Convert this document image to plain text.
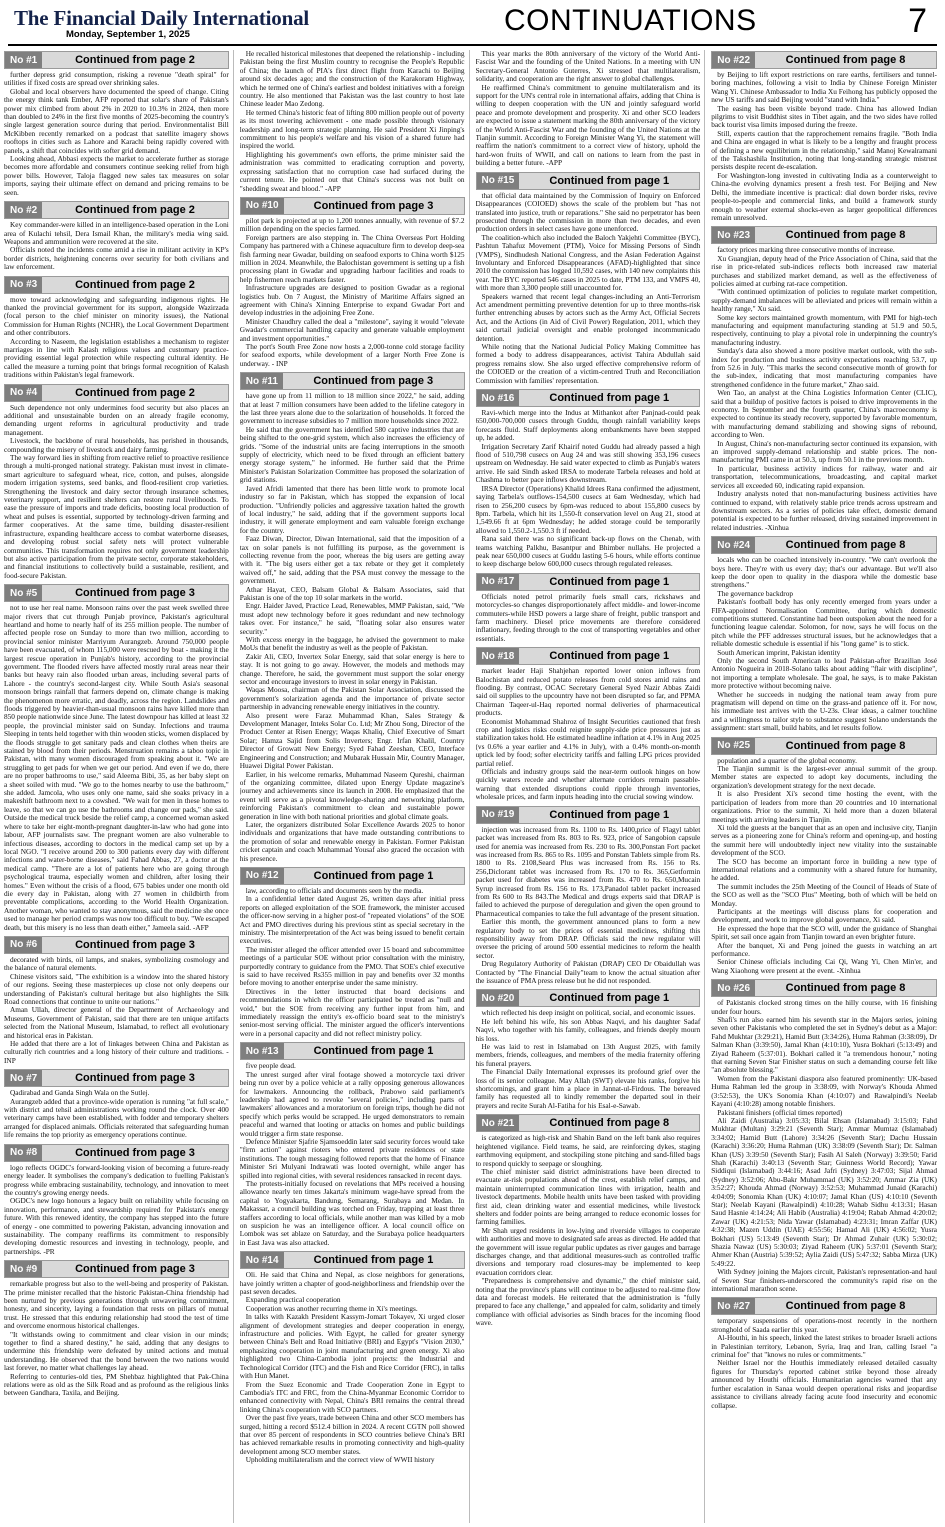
The Financial Daily International
Monday, September 1, 2025	CONTINUATIONS	7
No #1	Continued from page 2

further depress grid consumption, risking a revenue "death spiral" for utilities if fixed costs are spread over shrinking sales.

Global and local observers have documented the speed of change. Citing the energy think tank Ember, AFP reported that solar's share of Pakistan's power mix climbed from about 2% in 2020 to 10.3% in 2024, then more than doubled to 24% in the first five months of 2025-becoming the country's single largest generation source during that period. Environmentalist Bill McKibben recently remarked on a podcast that satellite imagery shows rooftops in cities such as Lahore and Karachi being rapidly covered with panels, a shift that coincides with softer grid demand.

Looking ahead, Abbasi expects the market to accelerate further as storage becomes more affordable and consumers continue seeking relief from high power bills. However, Taloja flagged new sales tax measures on solar imports, saying their ultimate effect on demand and pricing remains to be seen.

No #2	Continued from page 2

Key commander-were killed in an intelligence-based operation in the Loni area of Kulachi tehsil, Dera Ismail Khan, the military's media wing said. Weapons and ammunition were recovered at the site.

Officials noted the incidents come amid a rise in militant activity in KP's border districts, heightening concerns over security for both civilians and law enforcement.

No #3	Continued from page 2

move toward acknowledging and safeguarding indigenous rights. He thanked the provincial government for its support, alongside Wazirzada (focal person to the chief minister on minority issues), the National Commission for Human Rights (NCHR), the Local Government Department and other contributors.

According to Naseem, the legislation establishes a mechanism to register marriages in line with Kalash religious values and customary practice-providing essential legal protection while respecting cultural identity. He called the measure a turning point that brings formal recognition of Kalash traditions within Pakistan's legal framework.

No #4	Continued from page 2

Such dependence not only undermines food security but also places an additional and unsustainable burden on an already fragile economy, demanding urgent reforms in agricultural productivity and trade management.

Livestock, the backbone of rural households, has perished in thousands, compounding the misery of livestock and dairy farming.

The way forward lies in shifting from reactive relief to proactive resilience through a multi-pronged national strategy. Pakistan must invest in climate-smart agriculture to safeguard wheat, rice, cotton, and pulses, alongside modern irrigation systems, seed banks, and flood-resilient crop varieties. Strengthening the livestock and dairy sector through insurance schemes, veterinary support, and resilient shelters can restore rural livelihoods. To ease the pressure of imports and trade deficits, boosting local production of wheat and pulses is essential, supported by technology-driven farming and farmer cooperatives. At the same time, building disaster-resilient infrastructure, expanding healthcare access to combat waterborne diseases, and developing robust social safety nets will protect vulnerable communities. This transformation requires not only government leadership but also active participation from the private sector, corporate stakeholders, and financial institutions to collectively build a sustainable, resilient, and food-secure Pakistan.

No #5	Continued from page 3

not to use her real name. Monsoon rains over the past week swelled three major rivers that cut through Punjab province, Pakistan's agricultural heartland and home to nearly half of its 255 million people. The number of affected people rose on Sunday to more than two million, according to provincial senior minister Marriyum Aurangzeb. Around 750,000 people have been evacuated, of whom 115,000 were rescued by boat - making it the largest rescue operation in Punjab's history, according to the provincial government. The flooded rivers have affected mostly rural areas near their banks but heavy rain also flooded urban areas, including several parts of Lahore - the country's second-largest city. While South Asia's seasonal monsoon brings rainfall that farmers depend on, climate change is making the phenomenon more erratic, and deadly, across the region. Landslides and floods triggered by heavier-than-usual monsoon rains have killed more than 850 people nationwide since June. The latest downpour has killed at least 32 people, the provincial minister said on Sunday. Infections and trauma Sleeping in tents held together with thin wooden sticks, women displaced by the floods struggle to get sanitary pads and clean clothes when theirs are stained by blood from their periods. Menstruation remains a taboo topic in Pakistan, with many women discouraged from speaking about it. "We are struggling to get pads for when we get our period. And even if we do, there are no proper bathrooms to use," said Aleema Bibi, 35, as her baby slept on a sheet soiled with mud. "We go to the homes nearby to use the bathroom," she added. Jamcola, who uses only one name, said she soaks privacy in a makeshift bathroom next to a cowshed. "We wait for men in these homes to leave, so that we can go use the bathrooms and change our pads," she said. Outside the medical truck beside the relief camp, a concerned woman asked where to take her eight-month-pregnant daughter-in-law who had gone into labour, AFP journalists saw. The pregnant women are also vulnerable to infectious diseases, according to doctors in the medical camp set up by a local NGO. "I receive around 200 to 300 patients every day with different infections and water-borne diseases," said Fahad Abbas, 27, a doctor at the medical camp. "There are a lot of patients here who are going through psychological trauma, especially women and children, after losing their homes." Even without the crisis of a flood, 675 babies under one month old die every day in Pakistan, along with 27 women in childbirth from preventable complications, according to the World Health Organization. Another woman, who wanted to stay anonymous, said the medicine she once used to manage her period cramps was now too difficult to buy. "We escaped death, but this misery is no less than death either," Jameela said. -AFP

No #6	Continued from page 3

decorated with birds, oil lamps, and snakes, symbolizing cosmology and the balance of natural elements.

Chinese visitors said, "The exhibition is a window into the shared history of our regions. Seeing these masterpieces up close not only deepens our understanding of Pakistan's cultural heritage but also highlights the Silk Road connections that continue to unite our nations."

Aman Ullah, director general of the Department of Archaeology and Museums, Government of Pakistan, said that there are ten unique artifacts selected from the National Museum, Islamabad, to reflect all evolutionary and historical eras in Pakistan.

He added that there are a lot of linkages between China and Pakistan as culturally rich countries and a long history of their culture and traditions. - INP

No #7	Continued from page 3

Qadirabad and Ganda Singh Wala on the Sutlej.

Aurangzeb added that a province-wide operation is running "at full scale," with district and tehsil administrations working round the clock. Over 400 veterinary camps have been established, with fodder and temporary shelters arranged for displaced animals. Officials reiterated that safeguarding human life remains the top priority as emergency operations continue.

No #8	Continued from page 3

logo reflects OGDC's forward-looking vision of becoming a future-ready energy leader. It symbolises the company's dedication to fuelling Pakistan's progress while embracing sustainability, technology, and innovation to meet the country's growing energy needs.

OGDC's new logo honours a legacy built on reliability while focusing on innovation, performance, and stewardship required for Pakistan's energy future. With this renewed identity, the company has stepped into the future of energy - one committed to powering Pakistan, advancing innovation and sustainability. The company reaffirms its commitment to responsibly developing domestic resources and investing in technology, people, and partnerships. -PR

No #9	Continued from page 3

remarkable progress but also to the well-being and prosperity of Pakistan. The prime minister recalled that the historic Pakistan-China friendship had been nurtured by previous generations through unwavering commitment, honesty, and sincerity, laying a foundation that rests on pillars of mutual trust. He stressed that this enduring relationship had stood the test of time and overcome enormous historical challenges.

"It withstands owing to commitment and clear vision in our minds; together to find a shared destiny," he said, adding that any designs to undermine this friendship were defeated by united actions and mutual understanding. He observed that the bond between the two nations would last forever, no matter what challenges lay ahead.

Referring to centuries-old ties, PM Shehbaz highlighted that Pak-China relations were as old as the Silk Road and as profound as the religious links between Gandhara, Taxila, and Beijing.

He recalled historical milestones that deepened the relationship - including Pakistan being the first Muslim country to recognise the People's Republic of China; the launch of PIA's first direct flight from Karachi to Beijing around six decades ago; and the construction of the Karakoram Highway, which he termed one of China's earliest and boldest initiatives with a foreign country. He also mentioned that Pakistan was the last country to host late Chinese leader Mao Zedong.

He termed China's historic feat of lifting 800 million people out of poverty as its most towering achievement - one made possible through visionary leadership and long-term strategic planning. He said President Xi Jinping's commitment to his people's welfare and his vision of a shared future had inspired the world.

Highlighting his government's own efforts, the prime minister said the administration was committed to eradicating corruption and poverty, expressing satisfaction that no corruption case had surfaced during the current tenure. He pointed out that China's success was not built on "shedding sweat and blood." -APP

No #10	Continued from page 3

pilot park is projected at up to 1,200 tonnes annually, with revenue of $7.2 million depending on the species farmed.

Foreign partners are also stepping in. The China Overseas Port Holding Company has partnered with a Chinese aquaculture firm to develop deep-sea fish farming near Gwadar, building on seafood exports to China worth $125 million in 2024. Meanwhile, the Balochistan government is setting up a fish processing plant in Gwadar and upgrading harbour facilities and roads to help fishermen reach markets faster.

Infrastructure upgrades are designed to position Gwadar as a regional logistics hub. On 7 August, the Ministry of Maritime Affairs signed an agreement with China's Xinning Enterprise to expand Gwadar Port and develop industries in the adjoining Free Zone.

Minister Chaudhry called the deal a "milestone", saying it would "elevate Gwadar's commercial handling capacity and generate valuable employment and investment opportunities."

The port's South Free Zone now hosts a 2,000-tonne cold storage facility for seafood exports, while development of a larger North Free Zone is underway. - INP

No #11	Continued from page 3

have gone up from 11 million to 18 million since 2022," he said, adding that at least 7 million consumers have been added to the lifeline category in the last three years alone due to the solarization of households. It forced the government to increase subsidies to 7 million more households since 2022.

He said that the government has identified 580 captive industries that are being shifted to the one-grid system, which also increases the efficiency of grids. "Some of the industrial units are facing interruptions in the smooth supply of electricity, which need to be fixed through an efficient battery energy storage system," he informed. He further said that the Prime Minister's Pakistan Solarization Committee has proposed the solarization of grid stations.

Javed Afridi lamented that there has been little work to promote local industry so far in Pakistan, which has stopped the expansion of local production. "Unfriendly policies and aggressive taxation halted the growth of local industry," he said, adding that if the government supports local industry, it will generate employment and earn valuable foreign exchange for the country.

Faaz Diwan, Director, Diwan International, said that the imposition of a tax on solar panels is not fulfilling its purpose, as the government is collecting revenue from the poor, whereas the big users are getting away with it. "The big users either get a tax rebate or they get it completely waived off," he said, adding that the PSA must convey the message to the government.

Athar Hayat, CEO, Balsam Global & Balsam Associates, said that Pakistan is one of the top 10 solar markets in the world.

Engr. Haider Javed, Practice Lead, Renewables, MMP Pakistan, said, "We must adopt new technology before it goes redundant and new technology takes over. For instance," he said, "floating solar also ensures water security."

With excess energy in the baggage, he advised the government to make MoUs that benefit the industry as well as the people of Pakistan.

Zakir Ali, CEO, Invertex Solar Energy, said that solar energy is here to stay. It is not going to go away. However, the models and methods may change. Therefore, he said, the government must support the solar energy sector and encourage investors to invest in solar energy in Pakistan.

Waqas Moosa, chairman of the Pakistan Solar Association, discussed the government's solarization agenda and the importance of private sector partnership in advancing renewable energy initiatives in the country.

Also present were Faraz Muhammad Khan, Sales Strategy & Development Manager, Inteks Solar Co. Ltd; Mr Zhou Song, Director of the Product Center at Risen Energy; Waqas Khaliq, Chief Executive of Smart Solar; Hamza Sajid from Solis Inverters; Engr. Irfan Khalil, Country Director of Growatt New Energy; Syed Fahad Zeeshan, CEO, Interface Engineering and Construction; and Mubarak Hussain Mir, Country Manager, Huawei Digital Power Pakistan.

Earlier, in his welcome remarks, Muhammad Naseem Qureshi, chairman of the organizing committee, dilated upon Energy Update magazine's journey and achievements since its launch in 2008. He emphasized that the event will serve as a pivotal knowledge-sharing and networking platform, reinforcing Pakistan's commitment to clean and sustainable power generation in line with both national priorities and global climate goals.

Later, the organizers distributed Solar Excellence Awards 2025 to honor individuals and organizations that have made outstanding contributions to the promotion of solar and renewable energy in Pakistan. Former Pakistan cricket captain and coach Muhammad Yousaf also graced the occasion with his presence.

No #12	Continued from page 1

law, according to officials and documents seen by the media.

In a confidential letter dated August 26, written days after initial press reports on alleged exploitation of the SOE framework, the minister accused the officer-now serving in a higher post-of "repeated violations" of the SOE Act and PMO directives during his previous stint as special secretary in the ministry. The misinterpretation of the Act was being issued to benefit certain executives.

The minister alleged the officer attended over 15 board and subcommittee meetings of a particular SOE without prior consultation with the ministry, purportedly contrary to guidance from the PMO. That SOE's chief executive is said to have received Rs355 million in pay and benefits over 32 months before moving to another enterprise under the same ministry.

Directives in the letter instructed that board decisions and recommendations in which the officer participated be treated as "null and void," but the SOE from receiving any further input from him, and immediately reassign the entity's ex-officio board seat to the ministry's senior-most serving official. The minister argued the officer's interventions were in a personal capacity and did not reflect ministry policy.

No #13	Continued from page 1

five people dead.

The unrest surged after viral footage showed a motorcycle taxi driver being run over by a police vehicle at a rally opposing generous allowances for lawmakers. Announcing the rollback, Prabowo said parliament's leadership had agreed to revoke "several policies," including parts of lawmakers' allowances and a moratorium on foreign trips, though he did not specify which perks would be scrapped. He urged demonstrators to remain peaceful and warned that looting or attacks on homes and public buildings would trigger a firm state response.

Defence Minister Sjafrie Sjamsoeddin later said security forces would take "firm action" against rioters who entered private residences or state institutions. The tough messaging followed reports that the home of Finance Minister Sri Mulyani Indrawati was looted overnight, while anger has spilled into regional cities, with several residences ransacked in recent days.

The protests-initially focused on revelations that MPs received a housing allowance nearly ten times Jakarta's minimum wage-have spread from the capital to Yogyakarta, Bandung, Semarang, Surabaya and Medan. In Makassar, a council building was torched on Friday, trapping at least three staffers according to local officials, while another man was killed by a mob on suspicion he was an intelligence officer. A local council office on Lombok was set ablaze on Saturday, and the Surabaya police headquarters in East Java was also attacked.

No #14	Continued from page 1

Oli. He said that China and Nepal, as close neighbors for generations, have jointly written a chapter of good-neighborliness and friendship over the past seven decades.

Expanding practical cooperation

Cooperation was another recurring theme in Xi's meetings.

In talks with Kazakh President Kassym-Jomart Tokayev, Xi urged closer alignment of development strategies and deeper cooperation in energy, infrastructure and policies. With Egypt, he called for greater synergy between China's Belt and Road Initiative (BRI) and Egypt's "Vision 2030," emphasizing cooperation in joint manufacturing and green energy. Xi also highlighted two China-Cambodia joint projects: the Industrial and Technological Corridor (ITC) and the Fish and Rice Corridor (FRC), in talks with Hun Manet.

From the Suez Economic and Trade Cooperation Zone in Egypt to Cambodia's ITC and FRC, from the China-Myanmar Economic Corridor to enhanced connectivity with Nepal, China's BRI remains the central thread linking China's cooperation with SCO partners.

Over the past five years, trade between China and other SCO members has surged, hitting a record $512.4 billion in 2024. A recent CGTN poll showed that over 85 percent of respondents in SCO countries believe China's BRI has achieved remarkable results in promoting connectivity and high-quality development among SCO member states.

Upholding multilateralism and the correct view of WWII history

This year marks the 80th anniversary of the victory of the World Anti-Fascist War and the founding of the United Nations. In a meeting with UN Secretary-General Antonio Guterres, Xi stressed that multilateralism, solidarity, and cooperation are the right answer to global challenges.

He reaffirmed China's commitment to genuine multilateralism and its support for the UN's central role in international affairs, adding that China is willing to deepen cooperation with the UN and jointly safeguard world peace and promote development and prosperity. Xi and other SCO leaders are expected to issue a statement marking the 80th anniversary of the victory of the World Anti-Fascist War and the founding of the United Nations at the Tianjin summit. According to Foreign Minister Wang Yi, the statement will reaffirm the nation's commitment to a correct view of history, uphold the hard-won fruits of WWII, and call on nations to learn from the past in building a better future. -APP

No #15	Continued from page 1

that official data maintained by the Commission of Inquiry on Enforced Disappearances (COIOED) shows the scale of the problem but "has not translated into justice, truth or reparations." She said no perpetrator has been prosecuted through the commission in more than two decades, and even production orders in select cases have gone unenforced.

The coalition-which also included the Baloch Yakjehti Committee (BYC), Pashtun Tahafuz Movement (PTM), Voice for Missing Persons of Sindh (VMPS), Sindhudesh National Congress, and the Asian Federation Against Involuntary and Enforced Disappearances (AFAD)-highlighted that since 2010 the commission has logged 10,592 cases, with 140 new complaints this year. The BYC reported 546 cases in 2025 to date, PTM 133, and VMPS 40, with more than 3,300 people still unaccounted for.

Speakers warned that recent legal changes-including an Anti-Terrorism Act amendment permitting preventive detention for up to three months-risk further entrenching abuses by actors such as the Army Act, Official Secrets Act, and the Actions (in Aid of Civil Power) Regulation, 2011, which they said curtail judicial oversight and enable prolonged incommunicado detention.

While noting that the National Judicial Policy Making Committee has formed a body to address disappearances, activist Tahira Abdullah said progress remains slow. She also urged effective comprehensive reform of the COIOED or the creation of a victim-centred Truth and Reconciliation Commission with families' representation.

No #16	Continued from page 1

Ravi-which merge into the Indus at Mithankot after Panjnad-could peak 650,000-700,000 cusecs through Guddu, though rainfall variability keeps forecasts fluid. Staff deployments along embankments have been stepped up, he added.

Irrigation Secretary Zarif Khairif noted Guddu had already passed a high flood of 510,798 cusecs on Aug 24 and was still showing 353,196 cusecs upstream on Wednesday. He said water expected to climb as Punjab's waters arrive. He said Sindh asked IRSA to moderate Tarbela releases and hold at Chashma to better pace inflows downstream.

IRSA Director (Operations) Khalid Idrees Rana confirmed the adjustment, saying Tarbela's outflows-154,500 cusecs at 6am Wednesday, which had risen to 256,200 cusecs by 6pm-was reduced to about 155,800 cusecs by 8pm. Tarbela, which hit its 1,550-ft conservation level on Aug 21, stood at 1,549.66 ft at 6pm Wednesday; he added storage could be temporarily allowed to 1,550.2-1,550.3 ft if needed.

Rana said there was no significant back-up flows on the Chenab, with teams watching Palkhu, Basantpur and Bhimber nullahs. He projected a peak near 650,000 cusecs at Guddu lasting 5-6 hours, while efforts continue to keep discharge below 600,000 cusecs through regulated releases.

No #17	Continued from page 1

Officials noted petrol primarily fuels small cars, rickshaws and motorcycles-so changes disproportionately affect middle- and lower-income commuters-while HSD powers a large share of freight, public transport and farm machinery. Diesel price movements are therefore considered inflationary, feeding through to the cost of transporting vegetables and other essentials.

No #18	Continued from page 1

market leader Haji Shahjehan reported lower onion inflows from Balochistan and reduced potato releases from cold stores amid rains and flooding. By contrast, OCAC Secretary General Syed Nazir Abbas Zaidi said oil supplies to the upcountry have not been disrupted so far, and PPMA Chairman Taqeer-ul-Haq reported normal deliveries of pharmaceutical products.

Economist Mohammad Shahroz of Insight Securities cautioned that fresh crop and logistics risks could reignite supply-side price pressures just as stabilization takes hold. He estimated headline inflation at 4.1% in Aug 2025 (vs 0.6% a year earlier and 4.1% in July), with a 0.4% month-on-month uptick led by food; softer electricity tariffs and falling LPG prices provided partial relief.

Officials and industry groups said the near-term outlook hinges on how quickly waters recede and whether alternate corridors remain passable-warning that extended disruptions could ripple through inventories, wholesale prices, and farm inputs heading into the crucial sowing window.

No #19	Continued from page 1

injection was increased from Rs. 1100 to Rs. 1400,price of Flagyl tablet packet was increased from Rs. 803 to Rs. 923, price of Sangobion capsule used for anemia was increased from Rs. 230 to Rs. 300,Ponstan Fort packet was increased from Rs. 865 to Rs. 1095 and Ponstan Tablets simple from Rs. 1800 to Rs. 2108,Seard Plus was increased from Rs. 156 to Rs. 256,Diclorant tablet was increased from Rs. 170 to Rs. 365,Getformin packet used for diabetes was increased from Rs. 470 to Rs. 650,Mucain Syrup increased from Rs. 156 to Rs. 173,Panadol tablet packet increased from Rs 600 to Rs 843.The Medical and drugs experts said that DRAP is failed to achieved the purpose of deregulation and given the open ground to Pharmaceutical companies to take the full advantage of the present situation.

Earlier this month, the government announced plans to form a new regulatory body to set the prices of essential medicines, shifting this responsibility away from DRAP. Officials said the new regulator will oversee the pricing of around 500 essential medicines to reform the health sector.

Drug Regulatory Authority of Pakistan (DRAP) CEO Dr Obaidullah was Contacted by "The Financial Daily"team to know the actual situation after the issuance of PMA press release but he did not responded.

No #20	Continued from page 1

which reflected his deep insight on political, social, and economic issues.

He left behind his wife, his son Abbas Naqvi, and his daughter Sadaf Naqvi, who together with his family, colleagues, and friends deeply mourn his loss.

He was laid to rest in Islamabad on 13th August 2025, with family members, friends, colleagues, and members of the media fraternity offering his funeral prayers.

The Financial Daily International expresses its profound grief over the loss of its senior colleague. May Allah (SWT) elevate his ranks, forgive his shortcomings, and grant him a place in Jannat-ul-Firdous. The bereaved family has requested all to kindly remember the departed soul in their prayers and recite Surah Al-Fatiha for his Esal-e-Sawab.

No #21	Continued from page 8

is categorized as high-risk and Shahin Band on the left bank also requires heightened vigilance. Field teams, he said, are reinforcing dykes, staging earthmoving equipment, and stockpiling stone pitching and sand-filled bags to respond quickly to seepage or sloughing.

The chief minister said district administrations have been directed to evacuate at-risk populations ahead of the crest, establish relief camps, and maintain uninterrupted communication lines with irrigation, health and livestock departments. Mobile health units have been tasked with providing first aid, clean drinking water and essential medicines, while livestock shelters and fodder points are being arranged to reduce economic losses for farming families.

Mr Shah urged residents in low-lying and riverside villages to cooperate with authorities and move to designated safe areas as directed. He added that the government will issue regular public updates as river gauges and barrage discharges change, and that additional measures-such as controlled traffic diversions and temporary road closures-may be implemented to keep evacuation corridors clear.

"Preparedness is comprehensive and dynamic," the chief minister said, noting that the province's plans will continue to be adjusted to real-time flow data and forecast models. He reiterated that the administration is "fully prepared to face any challenge," and appealed for calm, solidarity and timely compliance with official advisories as Sindh braces for the incoming flood wave.

No #22	Continued from page 8

by Beijing to lift export restrictions on rare earths, fertilisers and tunnel-boring machines, following a visit to India by Chinese Foreign Minister Wang Yi. Chinese Ambassador to India Xu Feihong has publicly opposed the new US tariffs and said Beijing would "stand with India."

The easing has been visible beyond trade. China has allowed Indian pilgrims to visit Buddhist sites in Tibet again, and the two sides have rolled back tourist visa limits imposed during the freeze.

Still, experts caution that the rapprochement remains fragile. "Both India and China are engaged in what is likely to be a lengthy and fraught process of defining a new equilibrium in the relationship," said Manoj Kewalramani of the Takshashila Institution, noting that long-standing strategic mistrust persists despite recent de-escalation.

For Washington-long invested in cultivating India as a counterweight to China-the evolving dynamics present a fresh test. For Beijing and New Delhi, the immediate incentive is practical: dial down border risks, revive people-to-people and commercial links, and build a framework sturdy enough to weather external shocks-even as larger geopolitical differences remain unresolved.

No #23	Continued from page 8

factory prices marking three consecutive months of increase.

Xu Guangjian, deputy head of the Price Association of China, said that the rise in price-related sub-indices reflects both increased raw material purchases and stabilized market demand, as well as the effectiveness of policies aimed at curbing rat-race competition.

"With continued optimization of policies to regulate market competition, supply-demand imbalances will be alleviated and prices will remain within a healthy range," Xu said.

Some key sectors maintained growth momentum, with PMI for high-tech manufacturing and equipment manufacturing standing at 51.9 and 50.5, respectively, continuing to play a pivotal role in underpinning the country's manufacturing industry.

Sunday's data also showed a more positive market outlook, with the sub-index for production and business activity expectations reaching 53.7, up from 52.6 in July. "This marks the second consecutive month of growth for the sub-index, indicating that most manufacturing companies have strengthened confidence in the future market," Zhao said.

Wen Tao, an analyst at the China Logistics Information Center (CLIC), said that a buildup of positive factors is poised to drive improvements in the economy. In September and the fourth quarter, China's macroeconomy is expected to continue its steady recovery, supported by favorable momentum, with manufacturing demand stabilizing and showing signs of rebound, according to Wen.

In August, China's non-manufacturing sector continued its expansion, with an improved supply-demand relationship and stable prices. The non-manufacturing PMI came in at 50.3, up from 50.1 in the previous month.

In particular, business activity indices for railway, water and air transportation, telecommunications, broadcasting, and capital market services all exceeded 60, indicating rapid expansion.

Industry analysts noted that non-manufacturing business activities have continued to expand, with relatively stable price trends across upstream and downstream sectors. As a series of policies take effect, domestic demand potential is expected to be further released, driving sustained improvement in related industries. -Xinhua

No #24	Continued from page 8

locals who can be coached intensively in-country. "We can't overlook the boys here. They're with us every day; that's our advantage. But we'll also keep the door open to quality in the diaspora while the domestic base strengthens."

The governance backdrop

Pakistan's football body has only recently emerged from years under a FIFA-appointed Normalisation Committee, during which domestic competitions stuttered. Constantine had been outspoken about the need for a functioning league calendar. Solomon, for now, says he will focus on the pitch while the PFF addresses structural issues, but he acknowledges that a reliable domestic schedule is essential if his "long game" is to stick.

South American imprint, Pakistan identity

Only the second South American to lead Pakistan-after Brazilian José Antonio Nogueira in 2018-Solano talks about adding "flair with discipline", not importing a template wholesale. The goal, he says, is to make Pakistan more protective without becoming naive.

Whether he succeeds in nudging the national team away from pure pragmatism will depend on time on the grass-and patience off it. For now, his immediate test arrives with the U-23s. Clear ideas, a calmer touchline and a willingness to tailor style to substance suggest Solano understands the assignment: start small, build habits, and let results follow.

No #25	Continued from page 8

population and a quarter of the global economy.

The Tianjin summit is the largest-ever annual summit of the group. Member states are expected to adopt key documents, including the organization's development strategy for the next decade.

It is also President Xi's second time hosting the event, with the participation of leaders from more than 20 countries and 10 international organizations. Prior to the summit, Xi held more than a dozen bilateral meetings with arriving leaders in Tianjin.

Xi told the guests at the banquet that as an open and inclusive city, Tianjin serves as a pioneering zone for China's reform and opening-up, and hosting the summit here will undoubtedly inject new vitality into the sustainable development of the SCO.

The SCO has become an important force in building a new type of international relations and a community with a shared future for humanity, he added.

The summit includes the 25th Meeting of the Council of Heads of State of the SCO as well as the "SCO Plus" Meeting, both of which will be held on Monday.

Participants at the meetings will discuss plans for cooperation and development, and work to improve global governance, Xi said.

He expressed the hope that the SCO will, under the guidance of Shanghai Spirit, set sail once again from Tianjin toward an even brighter future.

After the banquet, Xi and Peng joined the guests in watching an art performance.

Senior Chinese officials including Cai Qi, Wang Yi, Chen Min'er, and Wang Xiaohong were present at the event. -Xinhua

No #26	Continued from page 8

of Pakistanis clocked strong times on the hilly course, with 16 finishing under four hours.

Shafi's run also earned him his seventh star in the Majors series, joining seven other Pakistanis who completed the set in Sydney's debut as a Major: Fahd Mukhtar (3:29:21), Hamid Butt (3:34:26), Huma Rahman (3:38:09), Dr Salman Khan (3:39:50), Jamal Khan (4:10:10), Yusra Bokhari (5:13:49) and Ziyad Raheem (5:37:01). Bokhari called it "a tremendous honour," noting that earning Seven Star Finisher status on such a demanding course felt like "an absolute blessing."

Women from the Pakistani diaspora also featured prominently: UK-based Huma Rahman led the group in 3:38:09, with Norway's Khouda Ahmed (3:52:53), the UK's Sonomia Khan (4:10:07) and Rawalpindi's Neelab Kayani (4:10:28) among notable finishers.

Pakistani finishers (official times reported)

Ali Zaidi (Australia) 3:05:33; Bilal Ehsan (Islamabad) 3:15:03; Fahd Mukhtar (Multan) 3:29:21 (Seventh Star); Ammar Mumtaz (Islamabad) 3:34:02; Hamid Butt (Lahore) 3:34:26 (Seventh Star); Dachu Hussain (Karachi) 3:36:20; Huma Rahman (UK) 3:38:09 (Seventh Star); Dr. Salman Khan (US) 3:39:50 (Seventh Star); Fasih Al Saleh (Norway) 3:39:50; Farid Shah (Karachi) 3:40:13 (Seventh Star; Guinness World Record); Yawar Siddiqui (Islamabad) 3:44:16; Asad Jafri (Sydney) 3:47:03; Sijal Ahmad (Sydney) 3:52:06; Abu-Bakr Muhammad (UK) 3:52:20; Ammar Zia (UK) 3:52:27; Khouda Ahmad (Norway) 3:52:53; Muhammad Junaid (Karachi) 4:04:09; Sonomia Khan (UK) 4:10:07; Jamal Khan (US) 4:10:10 (Seventh Star); Neelab Kayani (Rawalpindi) 4:10:28; Wahab Sidhu 4:13:31; Hasan Saud Hasnie 4:14:24; Ali Habib (Australia) 4:19:04; Rabab Ahmad 4:20:02; Zawar (UK) 4:21:53; Nida Yawar (Islamabad) 4:23:31; Imran Zaffar (UK) 4:32:38; Mazen Uddin (UAE) 4:55:56; Hamad Ali (UK) 4:56:02; Yusra Bokhari (US) 5:13:49 (Seventh Star); Dr Ahmad Zuhair (UK) 5:30:02; Shazia Nawaz (US) 5:30:03; Ziyad Raheem (UK) 5:37:01 (Seventh Star); Ahmer Khan (Austria) 5:39:52; Aylia Zaidi (US) 5:47:32; Sabba Mirza (UK) 5:49:22.

With Sydney joining the Majors circuit, Pakistan's representation-and haul of Seven Star finishers-underscored the community's rapid rise on the international marathon scene.

No #27	Continued from page 8

temporary suspensions of operations-most recently in the northern stronghold of Saada earlier this year.

Al-Houthi, in his speech, linked the latest strikes to broader Israeli actions in Palestinian territory, Lebanon, Syria, Iraq and Iran, calling Israel "a criminal foe" that "knows no rules or commitments."

Neither Israel nor the Houthis immediately released detailed casualty figures for Thursday's reported cabinet strike beyond those already announced by Houthi officials. Humanitarian agencies warned that any further escalation in Sanaa would deepen operational risks and jeopardise assistance to civilians already facing acute food insecurity and economic collapse.
